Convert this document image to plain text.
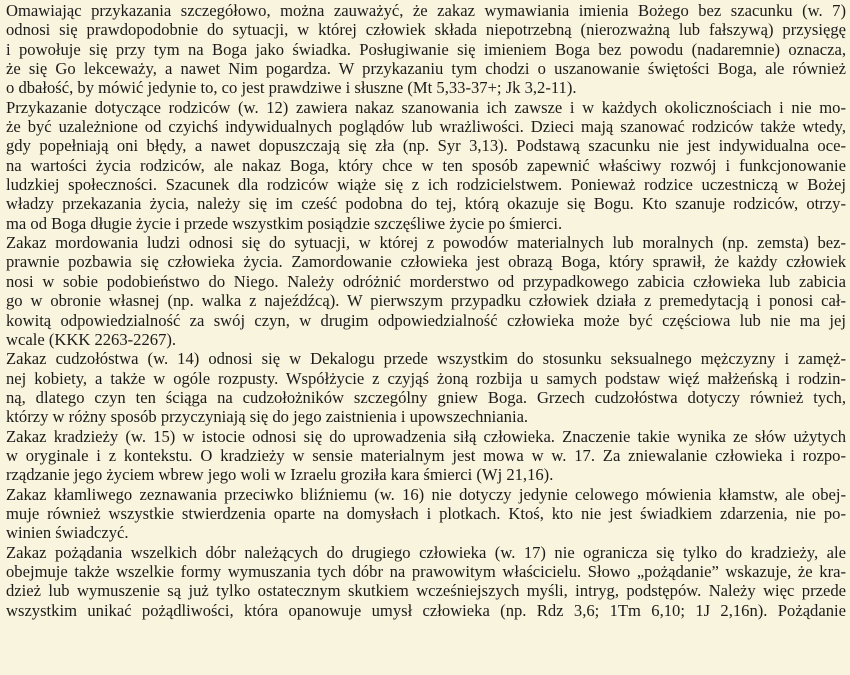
Omawiając przykazania szczegółowo, można zauważyć, że zakaz wymawiania imienia Bożego bez szacunku (w. 7)
odnosi się prawdopodobnie do sytuacji, w której człowiek składa niepotrzebną (nierozważną lub fałszywą) przysięgę
i powołuje się przy tym na Boga jako świadka. Posługiwanie się imieniem Boga bez powodu (nadaremnie) oznacza,
że się Go lekceważy, a nawet Nim pogardza. W przykazaniu tym chodzi o uszanowanie świętości Boga, ale również
o dbałość, by mówić jedynie to, co jest prawdziwe i słuszne (Mt 5,33-37+; Jk 3,2-11).
Przykazanie dotyczące rodziców (w. 12) zawiera nakaz szanowania ich zawsze i w każdych okolicznościach i nie mo-
że być uzależnione od czyichś indywidualnych poglądów lub wrażliwości. Dzieci mają szanować rodziców także wtedy,
gdy popełniają oni błędy, a nawet dopuszczają się zła (np. Syr 3,13). Podstawą szacunku nie jest indywidualna oce-
na wartości życia rodziców, ale nakaz Boga, który chce w ten sposób zapewnić właściwy rozwój i funkcjonowanie
ludzkiej społeczności. Szacunek dla rodziców wiąże się z ich rodzicielstwem. Ponieważ rodzice uczestniczą w Bożej
władzy przekazania życia, należy się im cześć podobna do tej, którą okazuje się Bogu. Kto szanuje rodziców, otrzy-
ma od Boga długie życie i przede wszystkim posiądzie szczęśliwe życie po śmierci.
Zakaz mordowania ludzi odnosi się do sytuacji, w której z powodów materialnych lub moralnych (np. zemsta) bez-
prawnie pozbawia się człowieka życia. Zamordowanie człowieka jest obrazą Boga, który sprawił, że każdy człowiek
nosi w sobie podobieństwo do Niego. Należy odróżnić morderstwo od przypadkowego zabicia człowieka lub zabicia
go w obronie własnej (np. walka z najeźdźcą). W pierwszym przypadku człowiek działa z premedytacją i ponosi cał-
kowitą odpowiedzialność za swój czyn, w drugim odpowiedzialność człowieka może być częściowa lub nie ma jej
wcale (KKK 2263-2267).
Zakaz cudzołóstwa (w. 14) odnosi się w Dekalogu przede wszystkim do stosunku seksualnego mężczyzny i zamęż-
nej kobiety, a także w ogóle rozpusty. Współżycie z czyjąś żoną rozbija u samych podstaw więź małżeńską i rodzin-
ną, dlatego czyn ten ściąga na cudzołożników szczególny gniew Boga. Grzech cudzołóstwa dotyczy również tych,
którzy w różny sposób przyczyniają się do jego zaistnienia i upowszechniania.
Zakaz kradzieży (w. 15) w istocie odnosi się do uprowadzenia siłą człowieka. Znaczenie takie wynika ze słów użytych
w oryginale i z kontekstu. O kradzieży w sensie materialnym jest mowa w w. 17. Za zniewalanie człowieka i rozpo-
rządzanie jego życiem wbrew jego woli w Izraelu groziła kara śmierci (Wj 21,16).
Zakaz kłamliwego zeznawania przeciwko bliźniemu (w. 16) nie dotyczy jedynie celowego mówienia kłamstw, ale obej-
muje również wszystkie stwierdzenia oparte na domysłach i plotkach. Ktoś, kto nie jest świadkiem zdarzenia, nie po-
winien świadczyć.
Zakaz pożądania wszelkich dóbr należących do drugiego człowieka (w. 17) nie ogranicza się tylko do kradzieży, ale
obejmuje także wszelkie formy wymuszania tych dóbr na prawowitym właścicielu. Słowo „pożądanie” wskazuje, że kra-
dzież lub wymuszenie są już tylko ostatecznym skutkiem wcześniejszych myśli, intryg, podstępów. Należy więc przede
wszystkim unikać pożądliwości, która opanowuje umysł człowieka (np. Rdz 3,6; 1Tm 6,10; 1J 2,16n). Pożądanie
